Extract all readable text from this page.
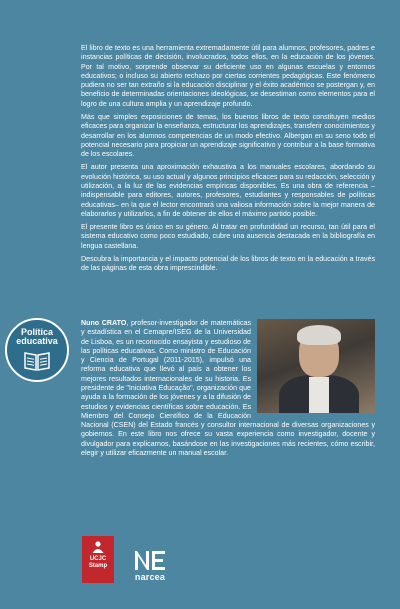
El libro de texto es una herramienta extremadamente útil para alumnos, profesores, padres e instancias políticas de decisión, involucrados, todos ellos, en la educación de los jóvenes. Por tal motivo, sorprende observar su deficiente uso en algunas escuelas y entornos educativos; o incluso su abierto rechazo por ciertas corrientes pedagógicas. Este fenómeno pudiera no ser tan extraño si la educación disciplinar y el éxito académico se postergan y, en beneficio de determinadas orientaciones ideológicas, se desestiman como elementos para el logro de una cultura amplia y un aprendizaje profundo.

Más que simples exposiciones de temas, los buenos libros de texto constituyen medios eficaces para organizar la enseñanza, estructurar los aprendizajes, transferir conocimientos y desarrollar en los alumnos competencias de un modo efectivo. Albergan en su seno todo el potencial necesario para propiciar un aprendizaje significativo y contribuir a la base formativa de los escolares.

El autor presenta una aproximación exhaustiva a los manuales escolares, abordando su evolución histórica, su uso actual y algunos principios eficaces para su redacción, selección y utilización, a la luz de las evidencias empíricas disponibles. Es una obra de referencia –indispensable para editores, autores, profesores, estudiantes y responsables de políticas educativas– en la que el lector encontrará una valiosa información sobre la mejor manera de elaborarlos y utilizarlos, a fin de obtener de ellos el máximo partido posible.

El presente libro es único en su género. Al tratar en profundidad un recurso, tan útil para el sistema educativo como poco estudiado, cubre una ausencia destacada en la bibliografía en lengua castellana.

Descubra la importancia y el impacto potencial de los libros de texto en la educación a través de las páginas de esta obra imprescindible.

Política
educativa
Nuno CRATO, profesor-investigador de matemáticas y estadística en el Cemapre/ISEG de la Universidad de Lisboa, es un reconocido ensayista y estudioso de las políticas educativas. Como ministro de Educación y Ciencia de Portugal (2011-2015), impulsó una reforma educativa que llevó al país a obtener los mejores resultados internacionales de su historia. Es presidente de "Iniciativa Educação", organización que ayuda a la formación de los jóvenes y a la difusión de estudios y evidencias científicas sobre educación. Es Miembro del Consejo Científico de la Educación Nacional (CSEN) del Estado francés y consultor internacional de diversas organizaciones y gobiernos. En este libro nos ofrece su vasta experiencia como investigador, docente y divulgador para explicarnos, basándose en las investigaciones más recientes, cómo escribir, elegir y utilizar eficazmente un manual escolar.
UCJC
Stamp
narcea
